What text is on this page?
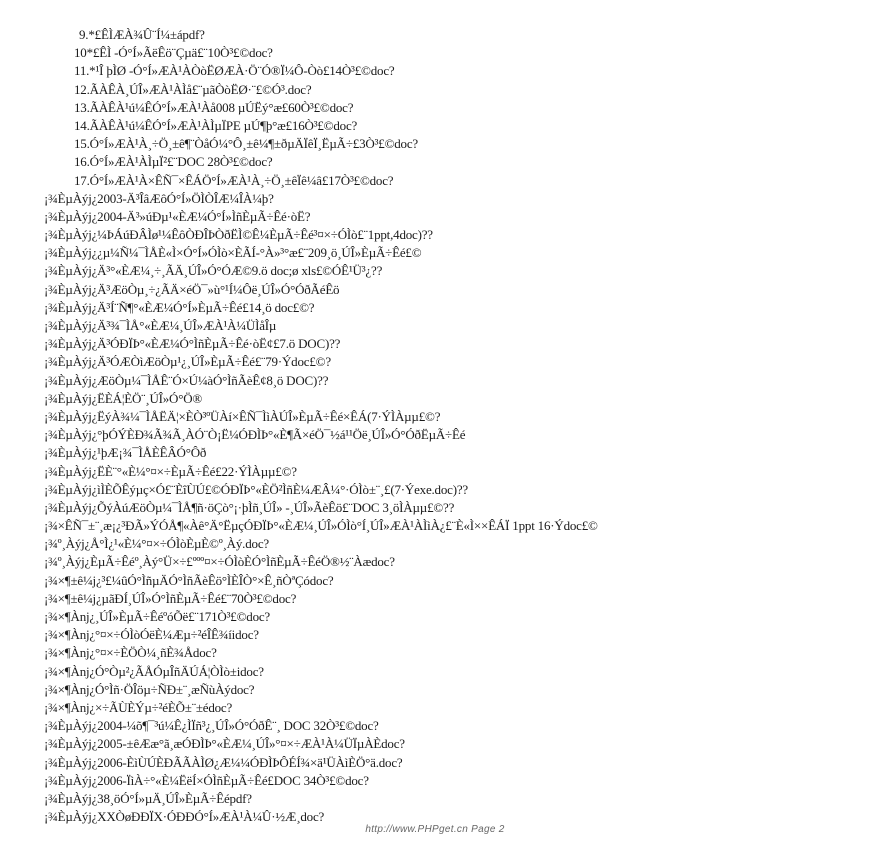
9.*£ÊÌÆÀ¾Û¨Í¼±ápdf?
10*£ÊÌ -Ó°Í»ÃëÊö¨Çµä£¨10Ò³£©doc?
11.*¹Î þÌØ -Ó°Í»ÆÀ¹ÀÒòËØÆÀ·Ö¨Ó®Ï¼Ô-Òò£14Ò³£©doc?
12.ÃÀÊÀ¸ÚÎ»ÆÀ¹ÀÌå£¨µãÒòËØ·¨£©Ó³.doc?
13.ÃÀÊÀ¹ú¼ÊÓ°Í»ÆÀ¹Àå008 µÚËý°æ£60Ò³£©doc?
14.ÃÀÊÀ¹ú¼ÊÓ°Í»ÆÀ¹ÀÌµÏPE µÚ¶þ°æ£16Ò³£©doc?
15.Ó°Í»ÆÀ¹À¸÷Ö¸±ê¶¨ÒåÓ¼°Ô¸±ê¼¶±ðµÄÏêÏ¸ËµÃ÷£3Ò³£©doc?
16.Ó°Í»ÆÀ¹ÀÌµÏ²£¨DOC 28Ò³£©doc?
17.Ó°Í»ÆÀ¹À×ÊÑ¯×ÊÁÖ°Í»ÆÀ¹À¸÷Ö¸±êÏê¼â£17Ò³£©doc?
¡¾ÈµÀýj¿2003-Ä³ÎâÆôÓ°Í»ÖÌÒÎÆ¼ÎÀ¼þ?
¡¾ÈµÀýj¿2004-Ä³»úÐµ¹«ÈÆ¼Ó°Í»ÌñÈµÃ÷Êé·òË?
¡¾ÈµÀýj¿¼ÞÁúÐÂÌø¹¼ÊôÒÐÎÞÒðËÌ©Ê¼ÈµÃ÷Êé³¤×÷ÓÌò£¨1ppt,4doc)??
¡¾ÈµÀýj¿¿µ¼Ñ¼¯ÌÅÈ«Ì×Ó°Í»ÓÌò×ÈÃÍ-°À»³°æ£¨209¸ö¸ÚÎ»ÈµÃ÷Êé£©
¡¾ÈµÀýj¿Ä³°«ÈÆ¼¸÷¸ÃÄ¸ÚÎ»Ó°ÓÆ©9.ö doc;ø xls£©ÓÊ¹Ü³¿??
¡¾ÈµÀýj¿Ä³ÆöÒµ¸÷¿ÃÄ×éÖ¯»ù°¹Í¼Ôë¸ÚÎ»Ó°ÓðÃéÊö
¡¾ÈµÀýj¿Ä³Í¨Ñ¶°«ÈÆ¼Ó°Í»ÈµÃ÷Êé£14¸ö doc£©?
¡¾ÈµÀýj¿Ä³¾¯ÌÅ°«ÈÆ¼¸ÚÎ»ÆÀ¹À¼ÜÌåÎµ
¡¾ÈµÀýj¿Ä³ÓÐÏÞ°«ÈÆ¼Ó°ÌñÈµÃ÷Êé·òË¢£7.ö DOC)??
¡¾ÈµÀýj¿Ä³ÓÆÒìÆöÒµ¹¿¸ÚÎ»ÈµÃ÷Êé£¨79·Ýdoc£©?
¡¾ÈµÀýj¿ÆöÒµ¼¯ÌÅÊ¨Ó×Ú¼àÓ°ÌñÃèÊ¢8¸ö DOC)??
¡¾ÈµÀýj¿ËÈÁ¦ÈÖ¨¸ÚÎ»Ó°Ö®
¡¾ÈµÀýj¿ËýÀ¾¼¯ÌÅËÄ¦×ÈÒ³ºÜÀí×ÊÑ¯ÌìÀÚÎ»ÈµÃ÷Êé×ÊÁ(7·ÝÌÀµµ£©?
¡¾ÈµÀýj¿°þÓÝÈÐ¾Ã¾Ã¸ÀÓ¨Ò¡Ë¼ÓÐÌÞ°«È¶Ã×éÖ¯½á¹¹Öë¸ÚÎ»Ó°ÓðËµÃ÷Êé
¡¾ÈµÀýj¿¹þÆ¡¾¯ÌÅÈÊÂÓ°Ôð
¡¾ÈµÀýj¿ËÈ¨°«È¼°¤×÷ÈµÃ÷Êé£22·ÝÌÀµµ£©?
¡¾ÈµÀýj¿ìÌÈÕÊýµç×Ó£¨ÈîÙÚ£©ÓÐÏÞ°«ÈÖ²ÌñÈ¼ÆÂ¼°·ÓÌò±¨¸£(7·Ýexe.doc)??
¡¾ÈµÀýj¿ÕýÀúÆöÒµ¼¯ÌÅ¶ñ·öÇò°¡·þÌñ¸ÚÎ» -¸ÚÎ»ÃèÊö£¨DOC 3¸öÌÀµµ£©??
¡¾×ÊÑ¯±¨¸æ¡¿³ÐÃ»ÝÓÅ¶«Àê°Ä°ËµçÓÐÏÞ°«ÈÆ¼¸ÚÎ»ÓÌò°Í¸ÚÎ»ÆÀ¹ÀÌìÀ¿£¨È«Ì××ÊÁÏ 1ppt 16·Ýdoc£©
¡¾º¸Àýj¿Å°Ì¿¹«È¼°¤×÷ÓÌòÈµÈ©º¸Àý.doc?
¡¾º¸Àýj¿ÈµÃ÷Êéº¸Àý°Ü×÷£ººº¤×÷ÓÌòÈÓ°ÌñÈµÃ÷ÊéÖ®½¨Àædoc?
¡¾×¶±ê¼j¿³£¼ûÓ°ÌñµÄÓ°ÌñÃèÊö°ÌÈÎÒ°×Ê¸ñÒªÇódoc?
¡¾×¶±ê¼j¿µãÐÍ¸ÚÎ»Ó°ÌñÈµÃ÷Êé£¨70Ò³£©doc?
¡¾×¶Ànj¿¸ÚÎ»ÈµÃ÷ÊéºóÕë£¨171Ò³£©doc?
¡¾×¶Ànj¿°¤×÷ÓÌòÓëÈ¼Æµ÷²éÎÊ¾íidoc?
¡¾×¶Ànj¿°¤×÷ÈÖÒ¼¸ñÈ¾Ådoc?
¡¾×¶Ànj¿Ó°Òµ²¿ÃÅÓµÎñÄÚÁ¦ÒÌò±idoc?
¡¾×¶Ànj¿Ó°Ìñ·ÖÎöµ÷ÑÐ±¨¸æÑùÀýdoc?
¡¾×¶Ànj¿×÷ÃÙÈÝµ÷²éÈÕ±¨±édoc?
¡¾ÈµÀýj¿2004-¼õ¶¯³ú¼Ê¿ÌÏñ³¿¸ÚÎ»Ó°ÓðÊ¨¸ DOC 32Ò³£©doc?
¡¾ÈµÀýj¿2005-±êÆæ°ã¸æÓÐÌÞ°«ÈÆ¼¸ÚÎ»°¤×÷ÆÀ¹À¼ÜÏµÀÈdoc?
¡¾ÈµÀýj¿2006-ÈìÙÚÈÐÃÃÀÌØ¿Æ¼¼ÓÐÌÞÔÉÍ¾×ä¹ÜÀìÈÖ°ä.doc?
¡¾ÈµÀýj¿2006-ÏìÀ÷°«È¼ËëÍ×ÓÌñÈµÃ÷Êé£DOC 34Ò³£©doc?
¡¾ÈµÀýj¿38¸öÓ°Í»µÄ¸ÚÎ»ÈµÃ÷Êépdf?
¡¾ÈµÀýj¿XXÒøÐÐÏX·ÓÐÐÓ°Í»ÆÀ¹À¼Û·½Æ¸doc?
http://www.PHPget.cn Page 2
